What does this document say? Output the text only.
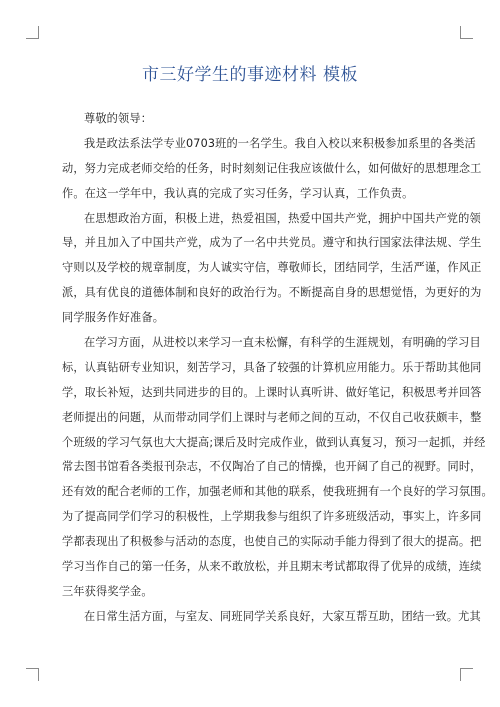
市三好学生的事迹材料 模板
尊敬的领导：
我是政法系法学专业0703班的一名学生。我自入校以来积极参加系里的各类活
动，努力完成老师交给的任务，时时刻刻记住我应该做什么，如何做好的思想理念工
作。在这一学年中，我认真的完成了实习任务，学习认真，工作负责。
在思想政治方面，积极上进，热爱祖国，热爱中国共产党，拥护中国共产党的领
导，并且加入了中国共产党，成为了一名中共党员。遵守和执行国家法律法规、学生
守则以及学校的规章制度，为人诚实守信，尊敬师长，团结同学，生活严谨，作风正
派，具有优良的道德体制和良好的政治行为。不断提高自身的思想觉悟，为更好的为
同学服务作好准备。
在学习方面，从进校以来学习一直未松懈，有科学的生涯规划，有明确的学习目
标，认真钻研专业知识，刻苦学习，具备了较强的计算机应用能力。乐于帮助其他同
学，取长补短，达到共同进步的目的。上课时认真听讲、做好笔记，积极思考并回答
老师提出的问题，从而带动同学们上课时与老师之间的互动，不仅自己收获颇丰，整
个班级的学习气氛也大大提高;课后及时完成作业，做到认真复习，预习一起抓，并经
常去图书馆看各类报刊杂志，不仅陶冶了自己的情操，也开阔了自己的视野。同时，
还有效的配合老师的工作，加强老师和其他的联系，使我班拥有一个良好的学习氛围。
为了提高同学们学习的积极性，上学期我参与组织了许多班级活动，事实上，许多同
学都表现出了积极参与活动的态度，也使自己的实际动手能力得到了很大的提高。把
学习当作自己的第一任务，从来不敢放松，并且期末考试都取得了优异的成绩，连续
三年获得奖学金。
在日常生活方面，与室友、同班同学关系良好，大家互帮互助，团结一致。尤其
